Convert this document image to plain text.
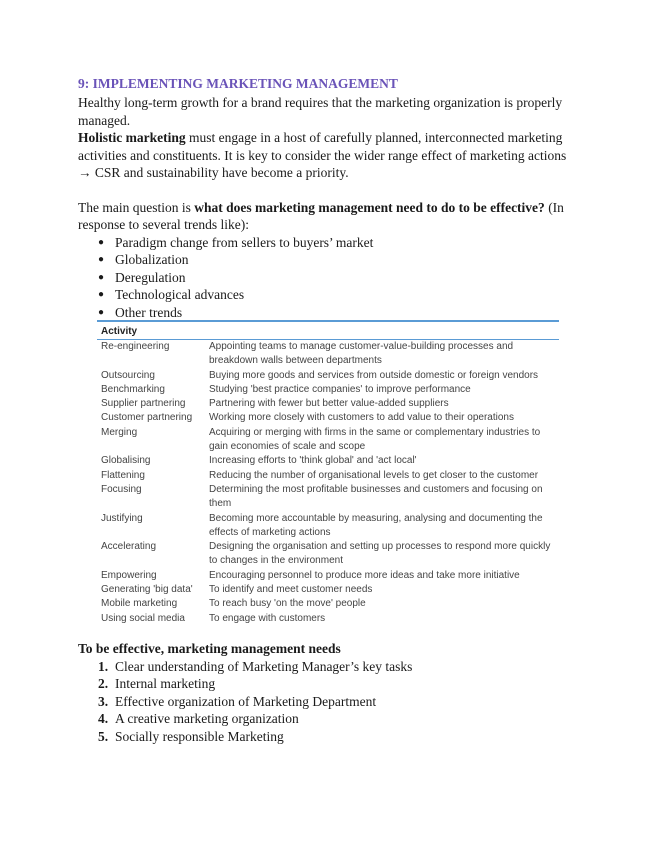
9: IMPLEMENTING MARKETING MANAGEMENT

Healthy long-term growth for a brand requires that the marketing organization is properly managed.

Holistic marketing must engage in a host of carefully planned, interconnected marketing activities and constituents. It is key to consider the wider range effect of marketing actions → CSR and sustainability have become a priority.

The main question is what does marketing management need to do to be effective? (In response to several trends like):

● Paradigm change from sellers to buyers’ market
● Globalization
● Deregulation
● Technological advances
● Other trends
Activity
Re-engineering	Appointing teams to manage customer-value-building processes and breakdown walls between departments
Outsourcing	Buying more goods and services from outside domestic or foreign vendors
Benchmarking	Studying 'best practice companies' to improve performance
Supplier partnering	Partnering with fewer but better value-added suppliers
Customer partnering	Working more closely with customers to add value to their operations
Merging	Acquiring or merging with firms in the same or complementary industries to gain economies of scale and scope
Globalising	Increasing efforts to 'think global' and 'act local'
Flattening	Reducing the number of organisational levels to get closer to the customer
Focusing	Determining the most profitable businesses and customers and focusing on them
Justifying	Becoming more accountable by measuring, analysing and documenting the effects of marketing actions
Accelerating	Designing the organisation and setting up processes to respond more quickly to changes in the environment
Empowering	Encouraging personnel to produce more ideas and take more initiative
Generating 'big data'	To identify and meet customer needs
Mobile marketing	To reach busy 'on the move' people
Using social media	To engage with customers
To be effective, marketing management needs
1. Clear understanding of Marketing Manager’s key tasks
2. Internal marketing
3. Effective organization of Marketing Department
4. A creative marketing organization
5. Socially responsible Marketing
